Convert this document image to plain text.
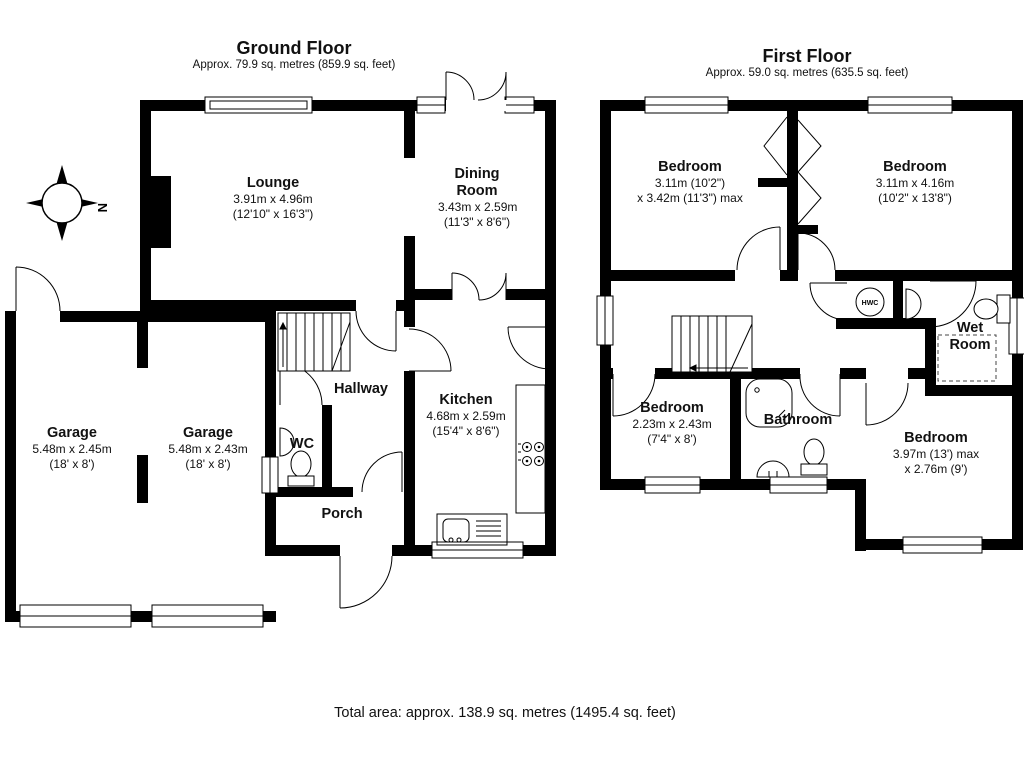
N
HWC
Ground Floor
Approx. 79.9 sq. metres (859.9 sq. feet)	First Floor
Approx. 59.0 sq. metres (635.5 sq. feet)
Lounge
3.91m x 4.96m
(12'10" x 16'3")
Dining Room
3.43m x 2.59m
(11'3" x 8'6")
Kitchen
4.68m x 2.59m
(15'4" x 8'6")
Hallway
WC
Porch
Garage
5.48m x 2.45m
(18' x 8')
Garage
5.48m x 2.43m
(18' x 8')
Bedroom
3.11m (10'2")
x 3.42m (11'3") max
Bedroom
3.11m x 4.16m
(10'2" x 13'8")
Bedroom
2.23m x 2.43m
(7'4" x 8')	Bedroom
3.97m (13') max
x 2.76m (9')
Bathroom
Wet Room
Total area: approx. 138.9 sq. metres (1495.4 sq. feet)
